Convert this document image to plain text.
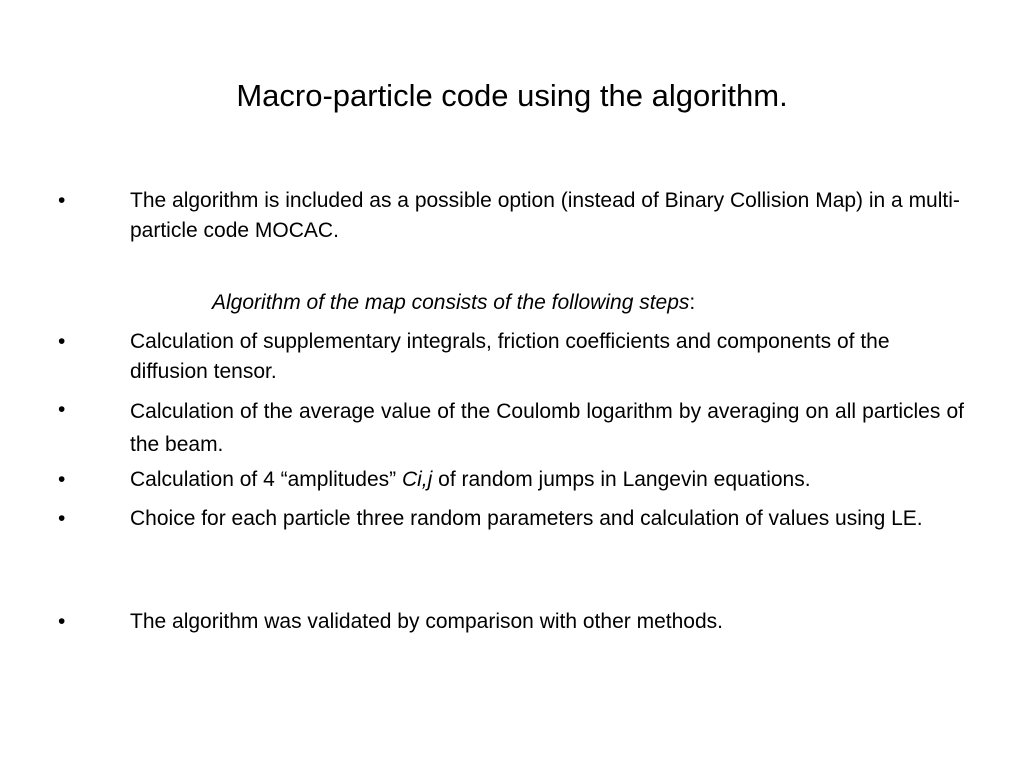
Macro-particle code using the algorithm.
•	The algorithm is included as a possible option (instead of Binary Collision Map) in a multi-particle code MOCAC.
Algorithm of the map consists of the following steps:
•	Calculation of supplementary integrals, friction coefficients and components of the diffusion tensor.
•	Calculation of the average value of the Coulomb logarithm by averaging on all particles of the beam.
•	Calculation of 4 “amplitudes” Ci,j of random jumps in Langevin equations.
•	Choice for each particle three random parameters and calculation of values using LE.
•	The algorithm was validated by comparison with other methods.
